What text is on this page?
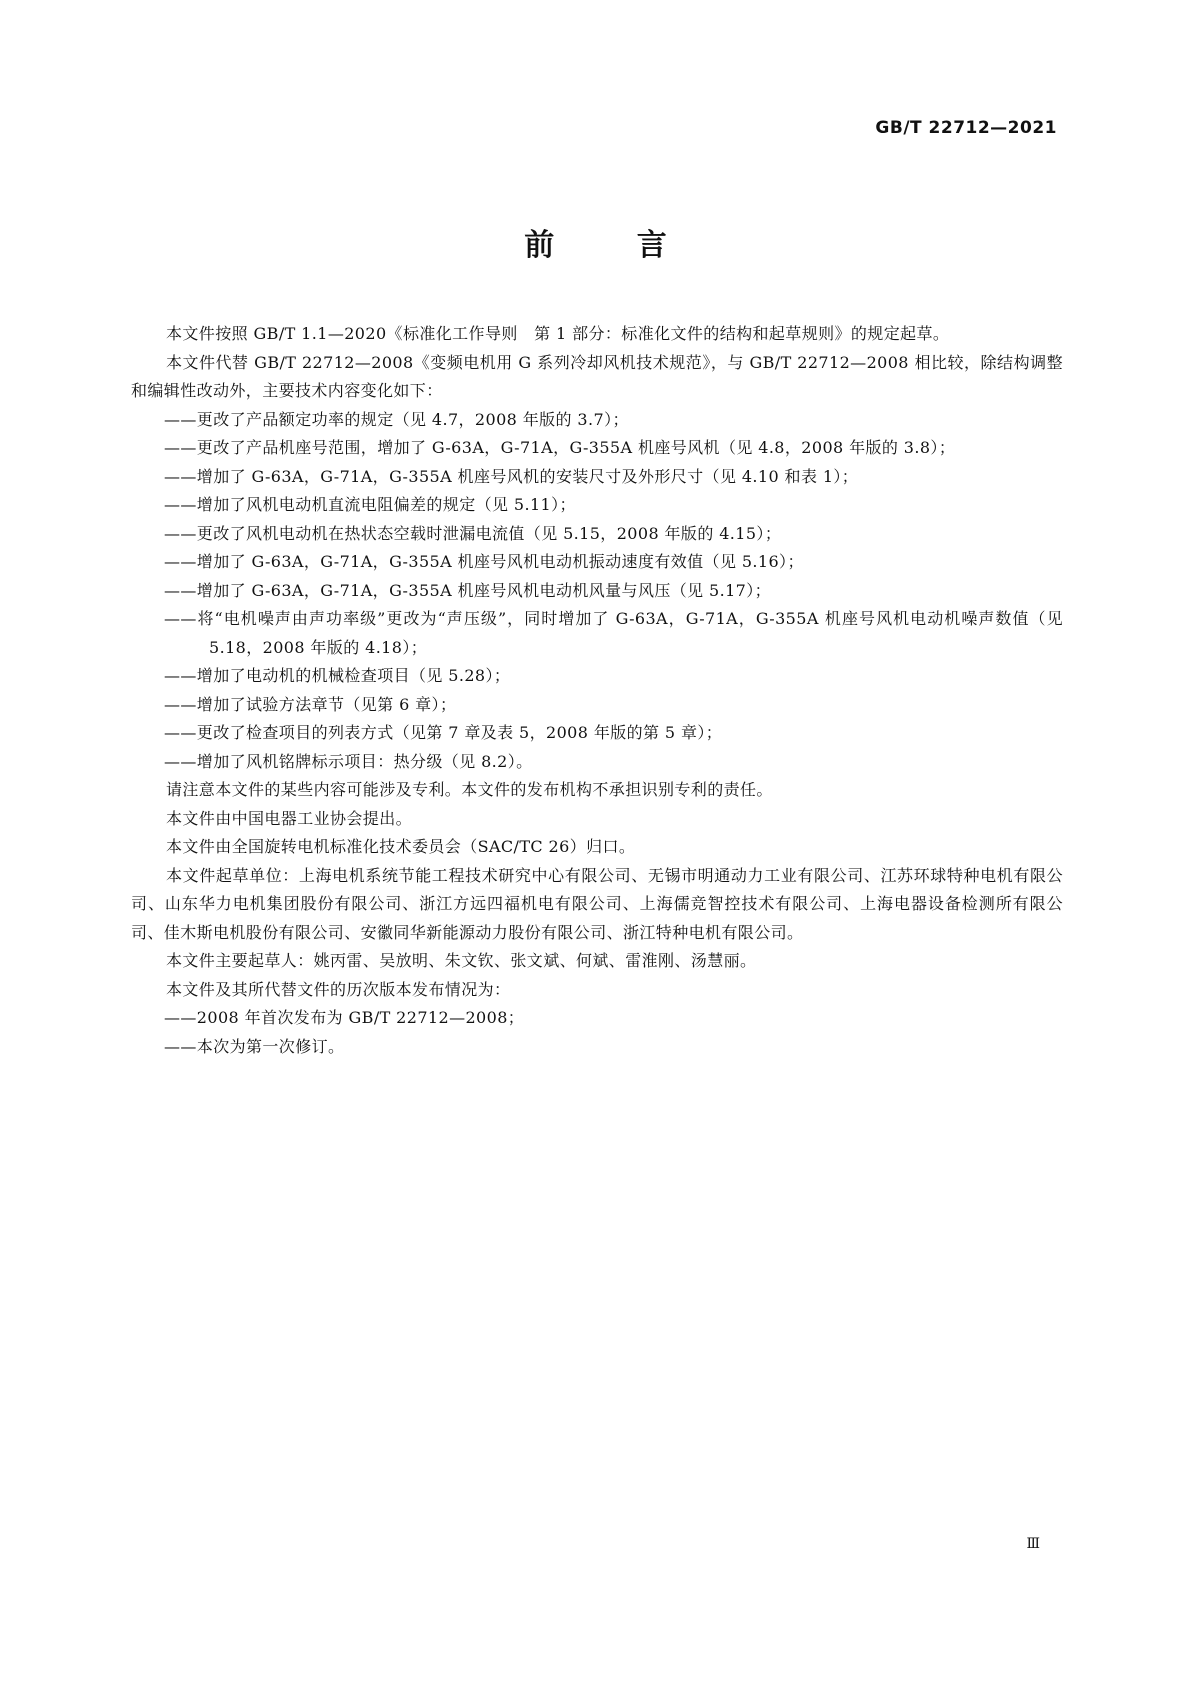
GB/T 22712—2021
前 言

本文件按照 GB/T 1.1—2020《标准化工作导则　第 1 部分：标准化文件的结构和起草规则》的规定起草。

本文件代替 GB/T 22712—2008《变频电机用 G 系列冷却风机技术规范》，与 GB/T 22712—2008 相比较，除结构调整和编辑性改动外，主要技术内容变化如下：

——更改了产品额定功率的规定（见 4.7，2008 年版的 3.7）；

——更改了产品机座号范围，增加了 G-63A，G-71A，G-355A 机座号风机（见 4.8，2008 年版的 3.8）；

——增加了 G-63A，G-71A，G-355A 机座号风机的安装尺寸及外形尺寸（见 4.10 和表 1）；

——增加了风机电动机直流电阻偏差的规定（见 5.11）；

——更改了风机电动机在热状态空载时泄漏电流值（见 5.15，2008 年版的 4.15）；

——增加了 G-63A，G-71A，G-355A 机座号风机电动机振动速度有效值（见 5.16）；

——增加了 G-63A，G-71A，G-355A 机座号风机电动机风量与风压（见 5.17）；

——将“电机噪声由声功率级”更改为“声压级”，同时增加了 G-63A，G-71A，G-355A 机座号风机电动机噪声数值（见 5.18，2008 年版的 4.18）；

——增加了电动机的机械检查项目（见 5.28）；

——增加了试验方法章节（见第 6 章）；

——更改了检查项目的列表方式（见第 7 章及表 5，2008 年版的第 5 章）；

——增加了风机铭牌标示项目：热分级（见 8.2）。

请注意本文件的某些内容可能涉及专利。本文件的发布机构不承担识别专利的责任。

本文件由中国电器工业协会提出。

本文件由全国旋转电机标准化技术委员会（SAC/TC 26）归口。

本文件起草单位：上海电机系统节能工程技术研究中心有限公司、无锡市明通动力工业有限公司、江苏环球特种电机有限公司、山东华力电机集团股份有限公司、浙江方远四福机电有限公司、上海儒竞智控技术有限公司、上海电器设备检测所有限公司、佳木斯电机股份有限公司、安徽同华新能源动力股份有限公司、浙江特种电机有限公司。

本文件主要起草人：姚丙雷、吴放明、朱文钦、张文斌、何斌、雷淮刚、汤慧丽。

本文件及其所代替文件的历次版本发布情况为：

——2008 年首次发布为 GB/T 22712—2008；

——本次为第一次修订。

Ⅲ
